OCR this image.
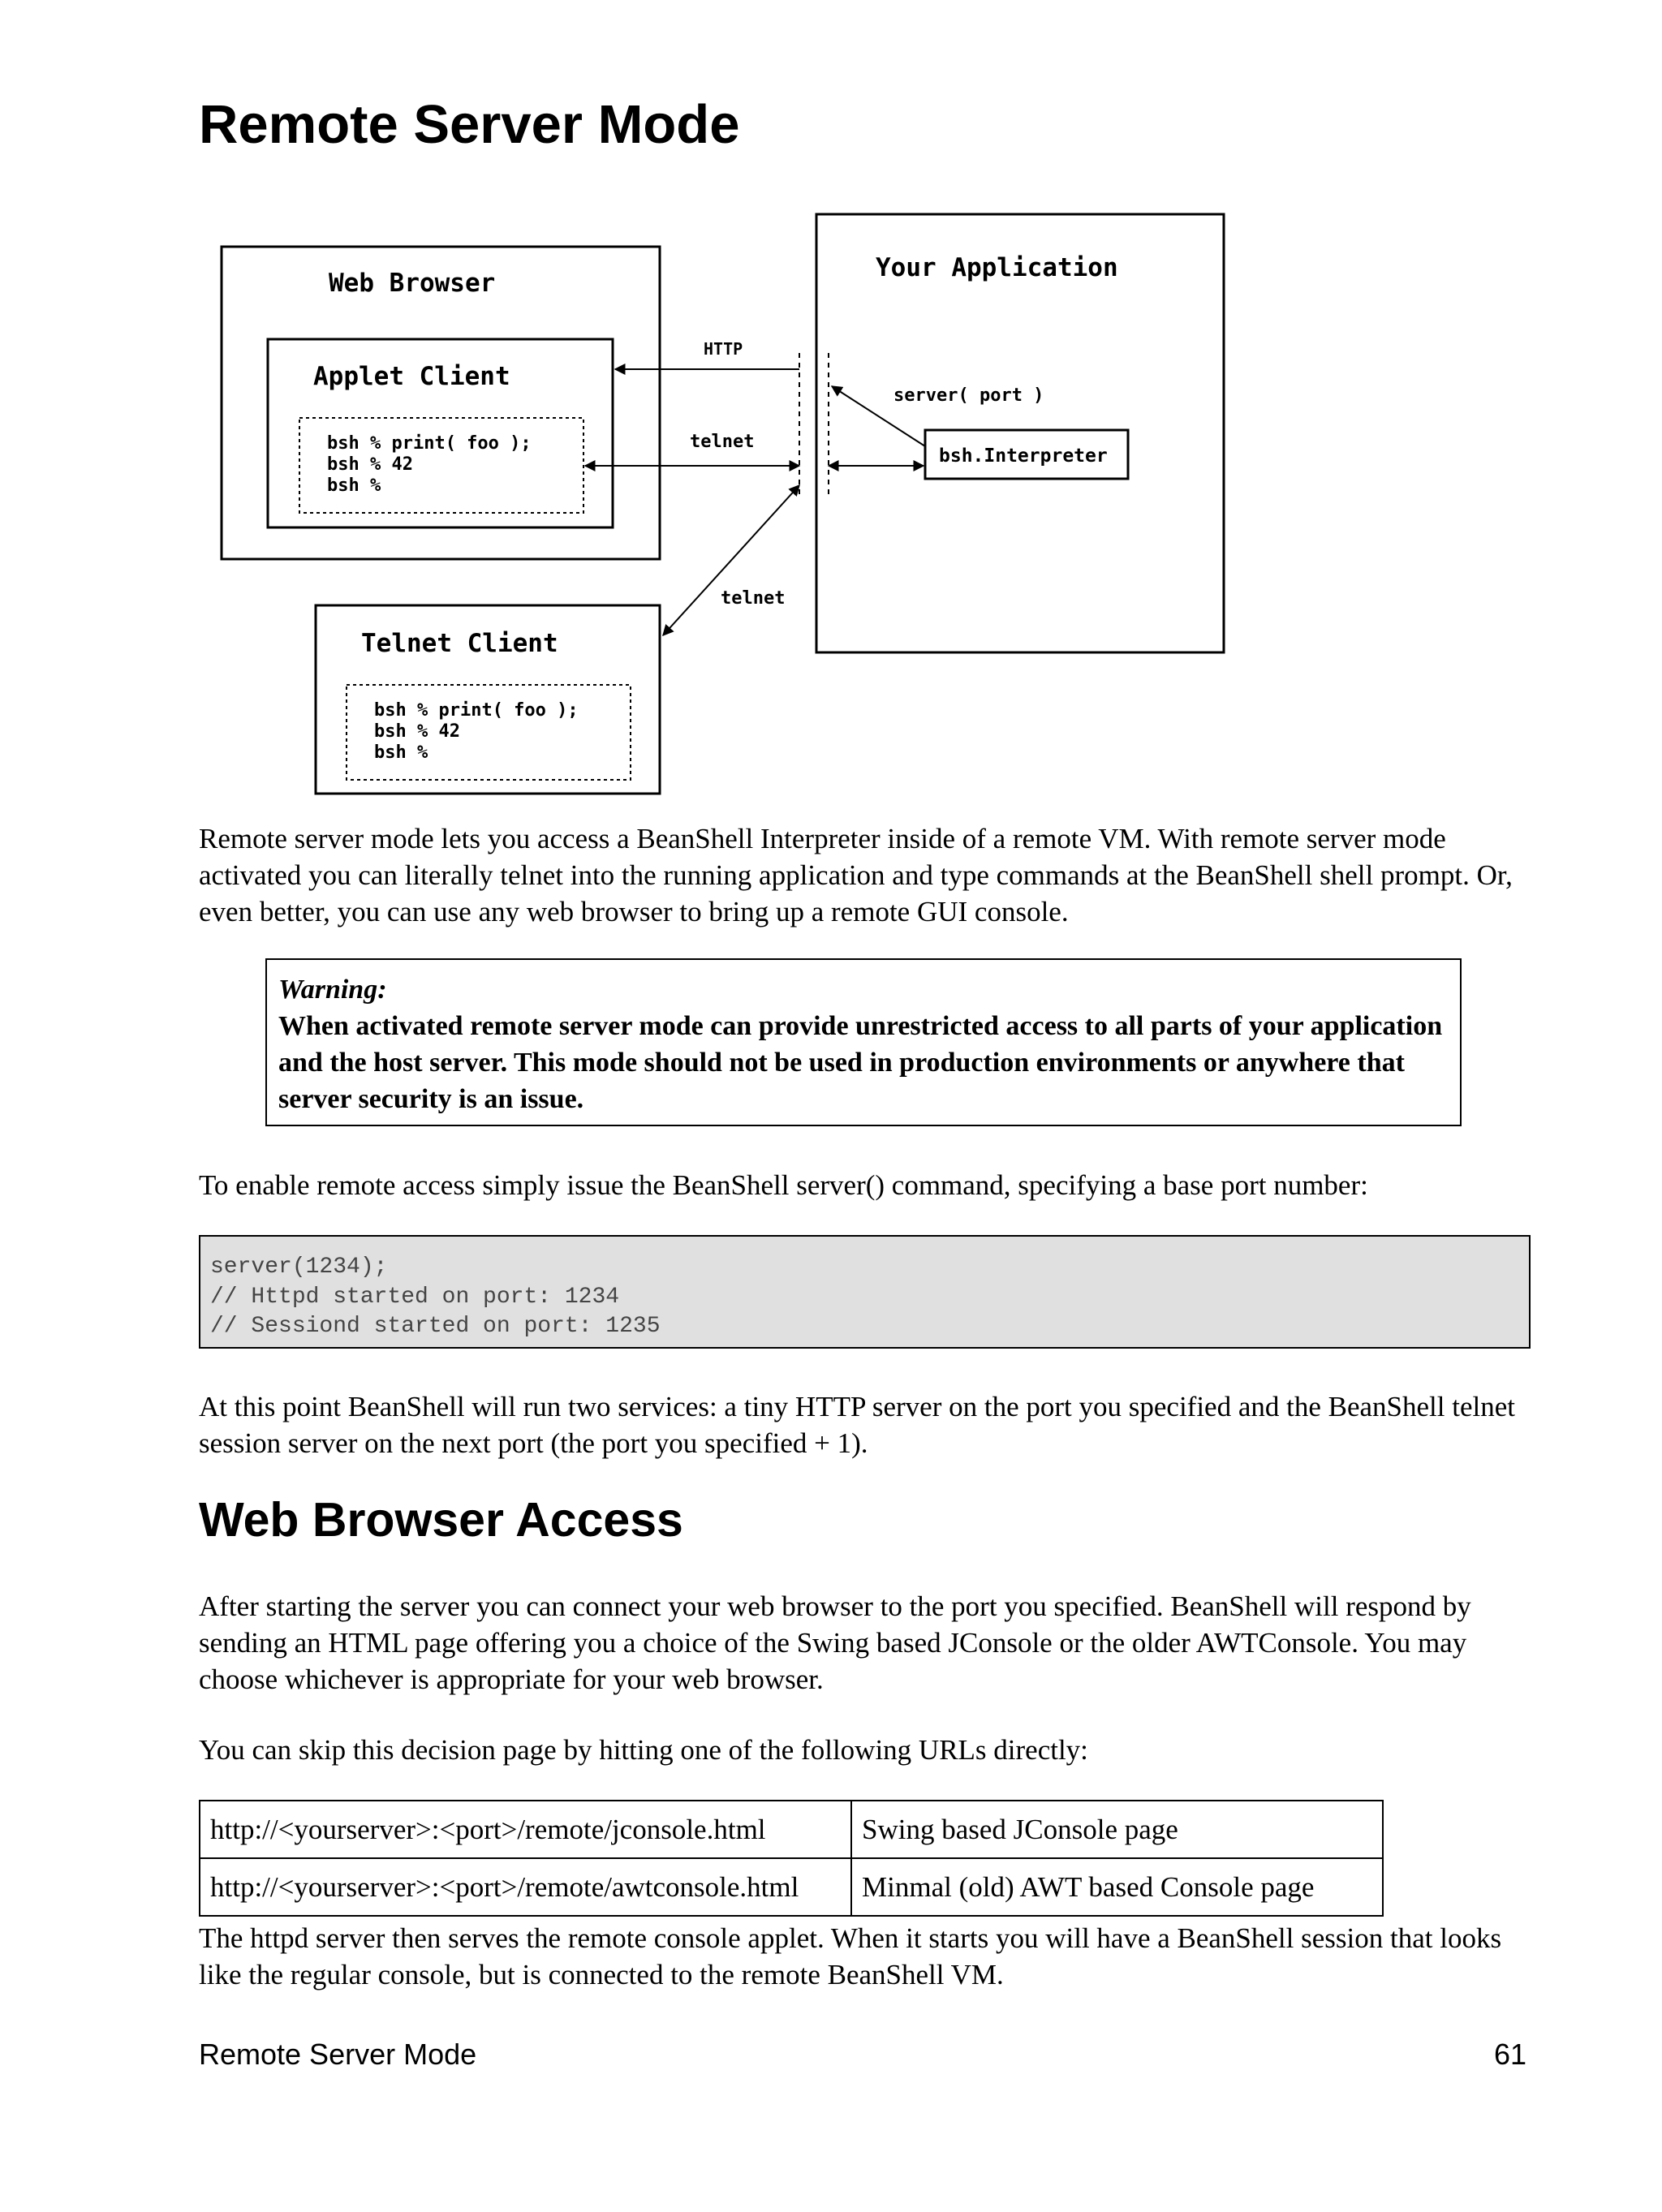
Remote Server Mode
Web Browser
Applet Client
bsh % print( foo );
bsh % 42
bsh %
Your Application
server( port )
bsh.Interpreter
HTTP
telnet
telnet
Telnet Client
bsh % print( foo );
bsh % 42
bsh %

Remote server mode lets you access a BeanShell Interpreter inside of a remote VM. With remote server mode activated you can literally telnet into the running application and type commands at the BeanShell shell prompt. Or, even better, you can use any web browser to bring up a remote GUI console.

Warning:
When activated remote server mode can provide unrestricted access to all parts of your application and the host server. This mode should not be used in production environments or anywhere that server security is an issue.

To enable remote access simply issue the BeanShell server() command, specifying a base port number:

server(1234);
// Httpd started on port: 1234
// Sessiond started on port: 1235

At this point BeanShell will run two services: a tiny HTTP server on the port you specified and the BeanShell telnet session server on the next port (the port you specified + 1).

Web Browser Access

After starting the server you can connect your web browser to the port you specified. BeanShell will respond by sending an HTML page offering you a choice of the Swing based JConsole or the older AWTConsole. You may choose whichever is appropriate for your web browser.

You can skip this decision page by hitting one of the following URLs directly:

http://<yourserver>:<port>/remote/jconsole.html	Swing based JConsole page
http://<yourserver>:<port>/remote/awtconsole.html	Minmal (old) AWT based Console page

The httpd server then serves the remote console applet. When it starts you will have a BeanShell session that looks like the regular console, but is connected to the remote BeanShell VM.

Remote Server Mode	61
